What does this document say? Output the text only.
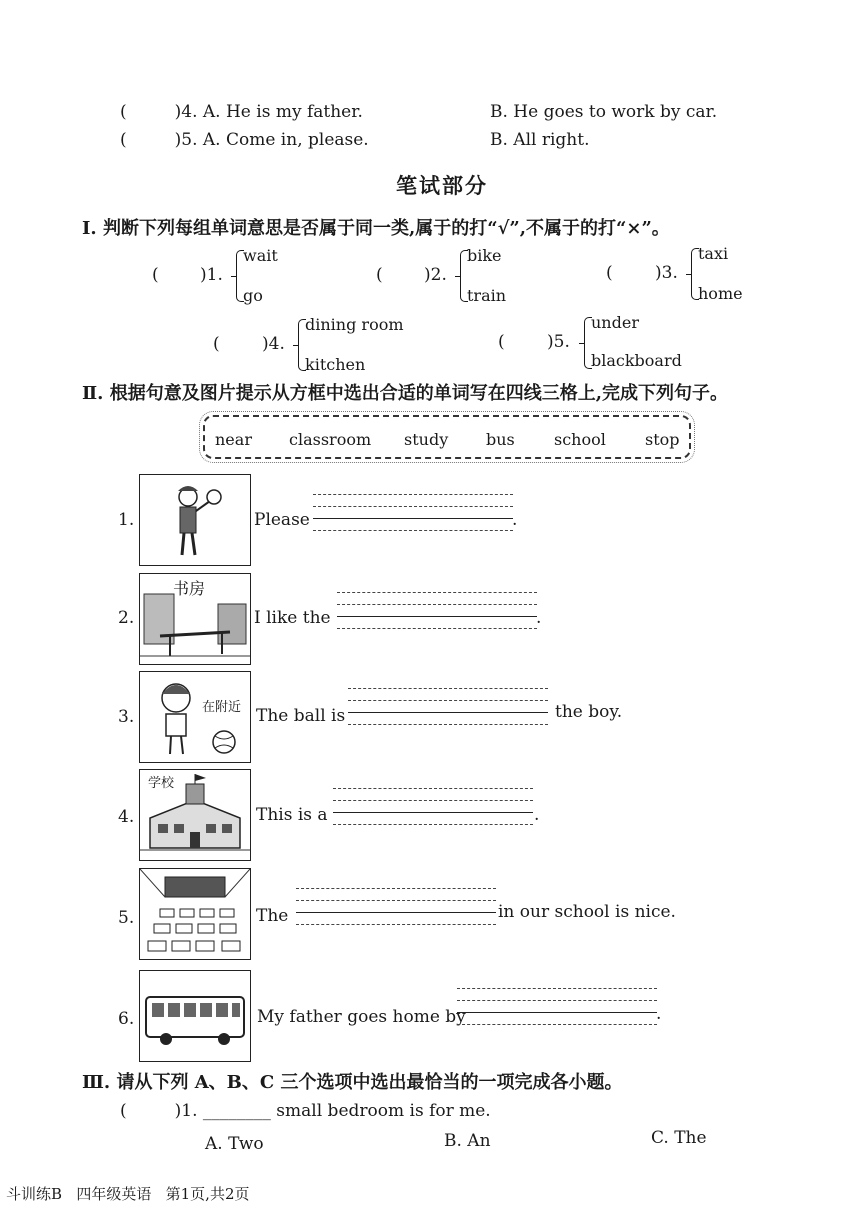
(	)4. A. He is my father.	B. He goes to work by car.
(	)5. A. Come in, please.	B. All right.
笔试部分
Ⅰ. 判断下列每组单词意思是否属于同一类,属于的打“√”,不属于的打“×”。
( )1.
wait
go
( )2.
bike
train
( )3.
taxi
home
( )4.
dining room
kitchen
( )5.
under
blackboard
Ⅱ. 根据句意及图片提示从方框中选出合适的单词写在四线三格上,完成下列句子。
near classroom study bus school stop
1.	Please	.
2.
书房
I like the	.
3.	在附近 The ball is	the boy.
4.
学校
This is a	.
5.	The	in our school is nice.
6.	My father goes home by	.
Ⅲ. 请从下列 A、B、C 三个选项中选出最恰当的一项完成各小题。
(	)1. ________ small bedroom is for me.
A. Two	B. An	C. The
斗训练B   四年级英语   第1页,共2页
